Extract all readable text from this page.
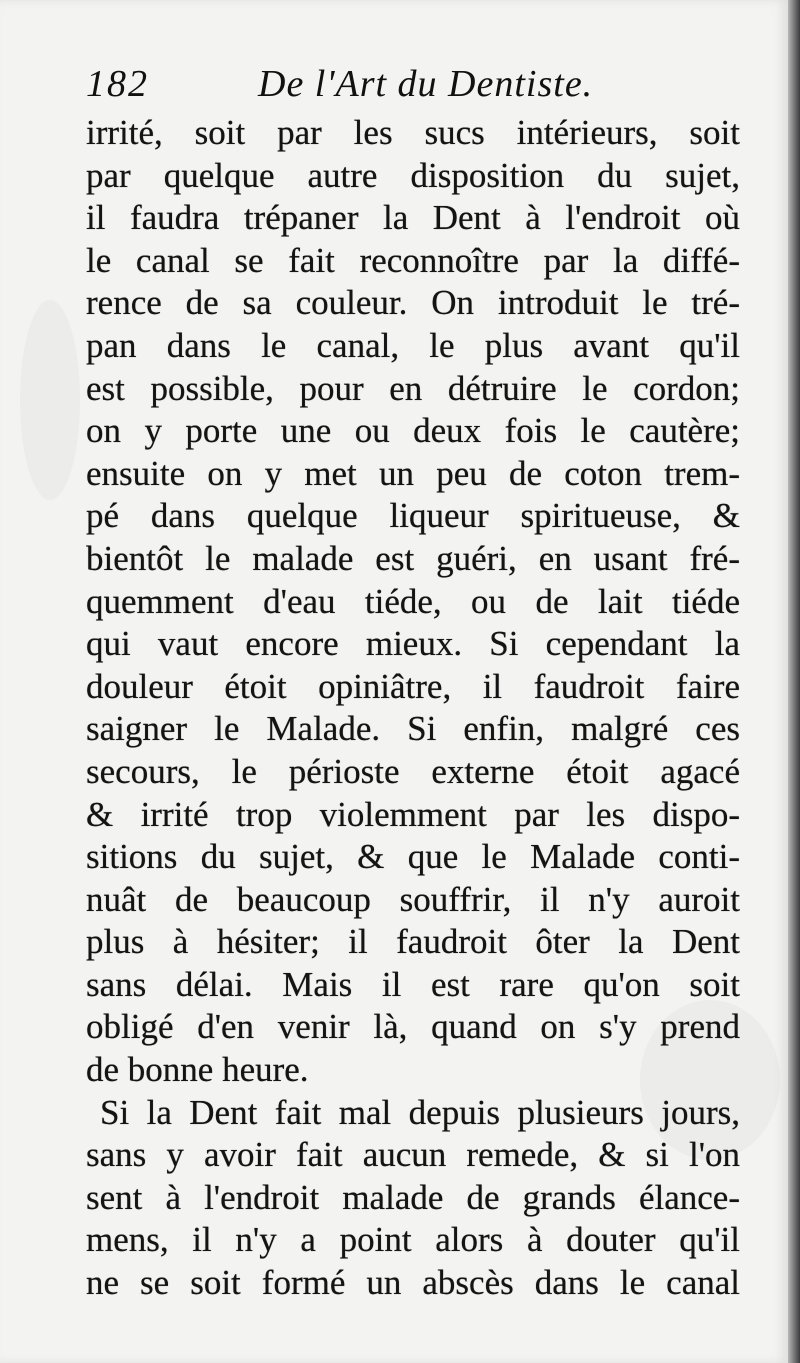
182	De l'Art du Dentiste.
irrité, soit par les sucs intérieurs, soit
par quelque autre disposition du sujet,
il faudra trépaner la Dent à l'endroit où
le canal se fait reconnoître par la diffé-
rence de sa couleur. On introduit le tré-
pan dans le canal, le plus avant qu'il
est possible, pour en détruire le cordon;
on y porte une ou deux fois le cautère;
ensuite on y met un peu de coton trem-
pé dans quelque liqueur spiritueuse, &
bientôt le malade est guéri, en usant fré-
quemment d'eau tiéde, ou de lait tiéde
qui vaut encore mieux. Si cependant la
douleur étoit opiniâtre, il faudroit faire
saigner le Malade. Si enfin, malgré ces
secours, le périoste externe étoit agacé
& irrité trop violemment par les dispo-
sitions du sujet, & que le Malade conti-
nuât de beaucoup souffrir, il n'y auroit
plus à hésiter; il faudroit ôter la Dent
sans délai. Mais il est rare qu'on soit
obligé d'en venir là, quand on s'y prend
de bonne heure.
Si la Dent fait mal depuis plusieurs jours,
sans y avoir fait aucun remede, & si l'on
sent à l'endroit malade de grands élance-
mens, il n'y a point alors à douter qu'il
ne se soit formé un abscès dans le canal
